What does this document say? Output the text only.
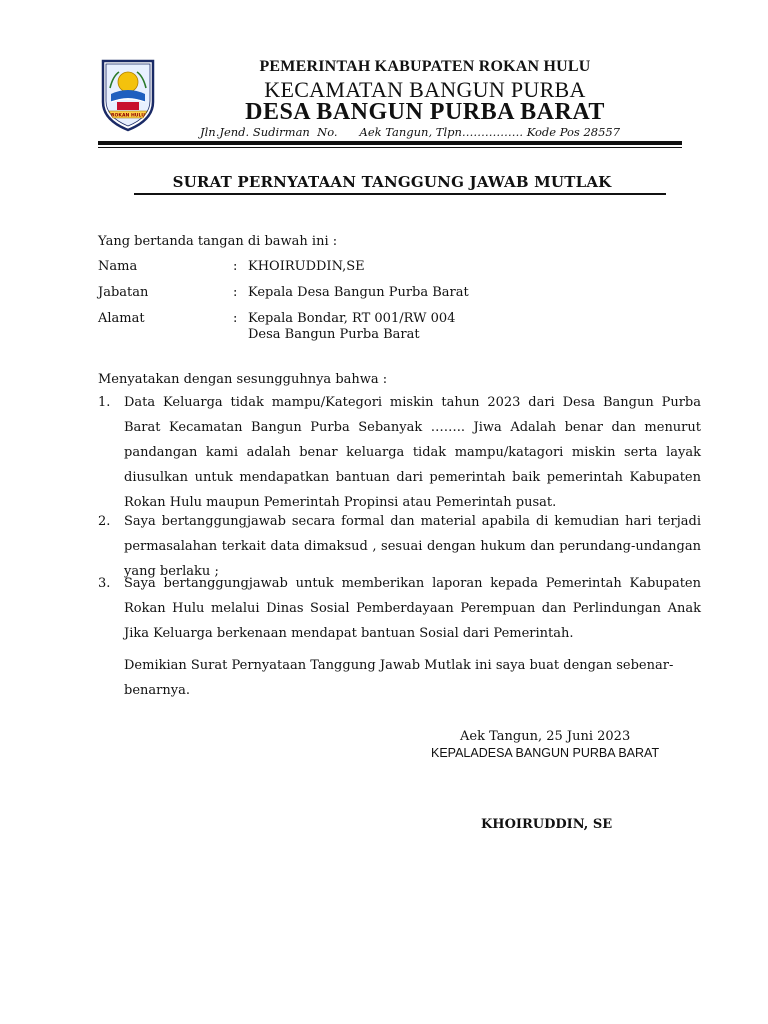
ROKAN HULU
PEMERINTAH KABUPATEN ROKAN HULU
KECAMATAN BANGUN PURBA
DESA BANGUN PURBA BARAT
Jln.Jend. Sudirman  No.      Aek Tangun, Tlpn……………. Kode Pos 28557
SURAT PERNYATAAN TANGGUNG JAWAB MUTLAK
Yang bertanda tangan di bawah ini :
Nama	: KHOIRUDDIN,SE
Jabatan	: Kepala Desa Bangun Purba Barat
Alamat	: Kepala Bondar, RT 001/RW 004
Desa Bangun Purba Barat
Menyatakan dengan sesungguhnya bahwa :
1. Data Keluarga tidak mampu/Kategori miskin tahun 2023 dari Desa Bangun Purba Barat Kecamatan Bangun Purba Sebanyak …….. Jiwa Adalah benar dan menurut pandangan kami adalah benar keluarga tidak mampu/katagori miskin serta layak diusulkan untuk mendapatkan bantuan dari pemerintah baik pemerintah Kabupaten Rokan Hulu maupun Pemerintah Propinsi atau Pemerintah pusat.
2. Saya bertanggungjawab secara formal dan material apabila di kemudian hari terjadi permasalahan terkait data dimaksud , sesuai dengan hukum dan perundang-undangan yang berlaku ;
3. Saya bertanggungjawab untuk memberikan laporan kepada Pemerintah Kabupaten Rokan Hulu melalui Dinas Sosial Pemberdayaan Perempuan dan Perlindungan Anak Jika Keluarga berkenaan mendapat bantuan Sosial dari Pemerintah.
Demikian Surat Pernyataan Tanggung Jawab Mutlak ini saya buat dengan sebenar-benarnya.
Aek Tangun, 25 Juni 2023
KEPALADESA BANGUN PURBA BARAT
KHOIRUDDIN, SE
